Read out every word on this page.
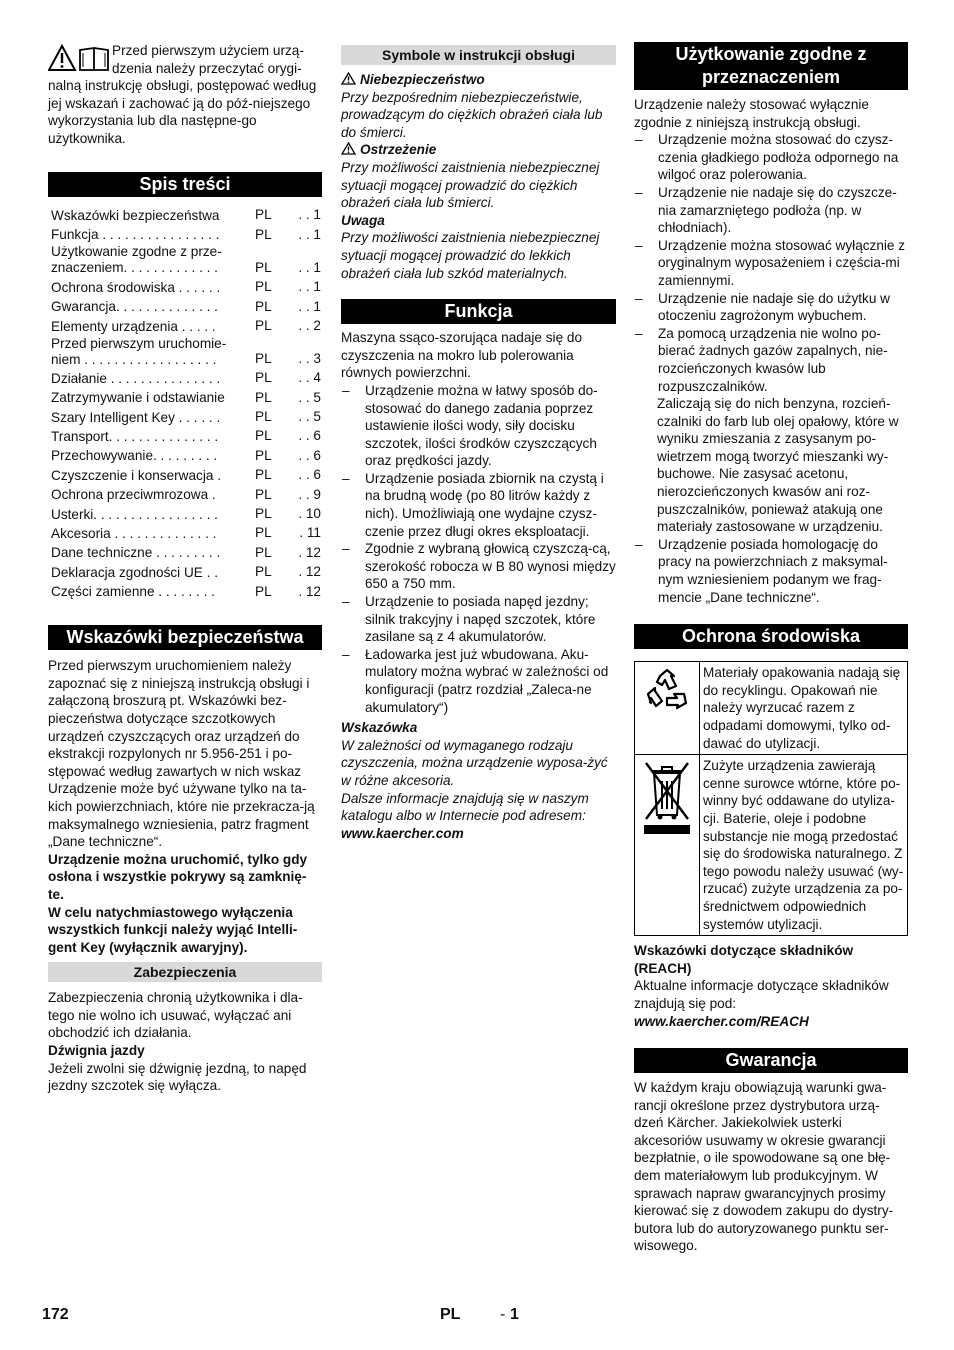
Przed pierwszym użyciem urzą- dzenia należy przeczytać orygi- nalną instrukcję obsługi, postępować według jej wskazań i zachować ją do póź-niejszego wykorzystania lub dla następne-go użytkownika.

Spis treści
Wskazówki bezpieczeństwa	PL	. . 1
Funkcja . . . . . . . . . . . . . . . .	PL	. . 1
Użytkowanie zgodne z prze-
znaczeniem. . . . . . . . . . . . .	PL	. . 1
Ochrona środowiska . . . . . .	PL	. . 1
Gwarancja. . . . . . . . . . . . . .	PL	. . 1
Elementy urządzenia . . . . .	PL	. . 2
Przed pierwszym uruchomie-
niem . . . . . . . . . . . . . . . . . .	PL	. . 3
Działanie . . . . . . . . . . . . . . .	PL	. . 4
Zatrzymywanie i odstawianie	PL	. . 5
Szary Intelligent Key . . . . . .	PL	. . 5
Transport. . . . . . . . . . . . . . .	PL	. . 6
Przechowywanie. . . . . . . . .	PL	. . 6
Czyszczenie i konserwacja .	PL	. . 6
Ochrona przeciwmrozowa .	PL	. . 9
Usterki. . . . . . . . . . . . . . . . .	PL	. 10
Akcesoria . . . . . . . . . . . . . .	PL	. 11
Dane techniczne . . . . . . . . .	PL	. 12
Deklaracja zgodności UE . .	PL	. 12
Części zamienne . . . . . . . .	PL	. 12
Wskazówki bezpieczeństwa

Przed pierwszym uruchomieniem należy zapoznać się z niniejszą instrukcją obsługi i załączoną broszurą pt. Wskazówki bez-pieczeństwa dotyczące szczotkowych urządzeń czyszczących oraz urządzeń do ekstrakcji rozpylonych nr 5.956-251 i po-stępować według zawartych w nich wskaz

Urządzenie może być używane tylko na ta-kich powierzchniach, które nie przekracza-ją maksymalnego wzniesienia, patrz fragment „Dane techniczne“.

Urządzenie można uruchomić, tylko gdy osłona i wszystkie pokrywy są zamknię-te.

W celu natychmiastowego wyłączenia wszystkich funkcji należy wyjąć Intelli-gent Key (wyłącznik awaryjny).

Zabezpieczenia

Zabezpieczenia chronią użytkownika i dla-tego nie wolno ich usuwać, wyłączać ani obchodzić ich działania.

Dźwignia jazdy

Jeżeli zwolni się dźwignię jezdną, to napęd jezdny szczotek się wyłącza.

Symbole w instrukcji obsługi

Niebezpieczeństwo

Przy bezpośrednim niebezpieczeństwie, prowadzącym do ciężkich obrażeń ciała lub do śmierci.

Ostrzeżenie

Przy możliwości zaistnienia niebezpiecznej sytuacji mogącej prowadzić do ciężkich obrażeń ciała lub śmierci.

Uwaga

Przy możliwości zaistnienia niebezpiecznej sytuacji mogącej prowadzić do lekkich obrażeń ciała lub szkód materialnych.

Funkcja

Maszyna ssąco-szorująca nadaje się do czyszczenia na mokro lub polerowania równych powierzchni.

–	Urządzenie można w łatwy sposób do-stosować do danego zadania poprzez ustawienie ilości wody, siły docisku szczotek, ilości środków czyszczących oraz prędkości jazdy.
–	Urządzenie posiada zbiornik na czystą i na brudną wodę (po 80 litrów każdy z nich). Umożliwiają one wydajne czysz-czenie przez długi okres eksploatacji.
–	Zgodnie z wybraną głowicą czyszczą-cą, szerokość robocza w B 80 wynosi między 650 a 750 mm.
–	Urządzenie to posiada napęd jezdny; silnik trakcyjny i napęd szczotek, które zasilane są z 4 akumulatorów.
–	Ładowarka jest już wbudowana. Aku-mulatory można wybrać w zależności od konfiguracji (patrz rozdział „Zaleca-ne akumulatory“)

Wskazówka

W zależności od wymaganego rodzaju czyszczenia, można urządzenie wyposa-żyć w różne akcesoria.

Dalsze informacje znajdują się w naszym katalogu albo w Internecie pod adresem:

www.kaercher.com

Użytkowanie zgodne z przeznaczeniem

Urządzenie należy stosować wyłącznie zgodnie z niniejszą instrukcją obsługi.

–	Urządzenie można stosować do czysz-czenia gładkiego podłoża odpornego na wilgoć oraz polerowania.
–	Urządzenie nie nadaje się do czyszcze-nia zamarzniętego podłoża (np. w chłodniach).
–	Urządzenie można stosować wyłącznie z oryginalnym wyposażeniem i częścia-mi zamiennymi.
–	Urządzenie nie nadaje się do użytku w otoczeniu zagrożonym wybuchem.
–	Za pomocą urządzenia nie wolno po-bierać żadnych gazów zapalnych, nie-rozcieńczonych kwasów lub rozpuszczalników.

Zaliczają się do nich benzyna, rozcień-czalniki do farb lub olej opałowy, które w wyniku zmieszania z zasysanym po-wietrzem mogą tworzyć mieszanki wy-buchowe. Nie zasysać acetonu, nierozcieńczonych kwasów ani roz-puszczalników, ponieważ atakują one materiały zastosowane w urządzeniu.

–	Urządzenie posiada homologację do pracy na powierzchniach z maksymal-nym wzniesieniem podanym we frag-mencie „Dane techniczne“.
Ochrona środowiska
	Materiały opakowania nadają się do recyklingu. Opakowań nie należy wyrzucać razem z odpadami domowymi, tylko od-dawać do utylizacji.
	Zużyte urządzenia zawierają cenne surowce wtórne, które po-winny być oddawane do utyliza-cji. Baterie, oleje i podobne substancje nie mogą przedostać się do środowiska naturalnego. Z tego powodu należy usuwać (wy-rzucać) zużyte urządzenia za po-średnictwem odpowiednich systemów utylizacji.

Wskazówki dotyczące składników (REACH)

Aktualne informacje dotyczące składników znajdują się pod:

www.kaercher.com/REACH

Gwarancja

W każdym kraju obowiązują warunki gwa-rancji określone przez dystrybutora urzą-dzeń Kärcher. Jakiekolwiek usterki akcesoriów usuwamy w okresie gwarancji bezpłatnie, o ile spowodowane są one błę-dem materiałowym lub produkcyjnym. W sprawach napraw gwarancyjnych prosimy kierować się z dowodem zakupu do dystry-butora lub do autoryzowanego punktu ser-wisowego.

172	PL - 1
